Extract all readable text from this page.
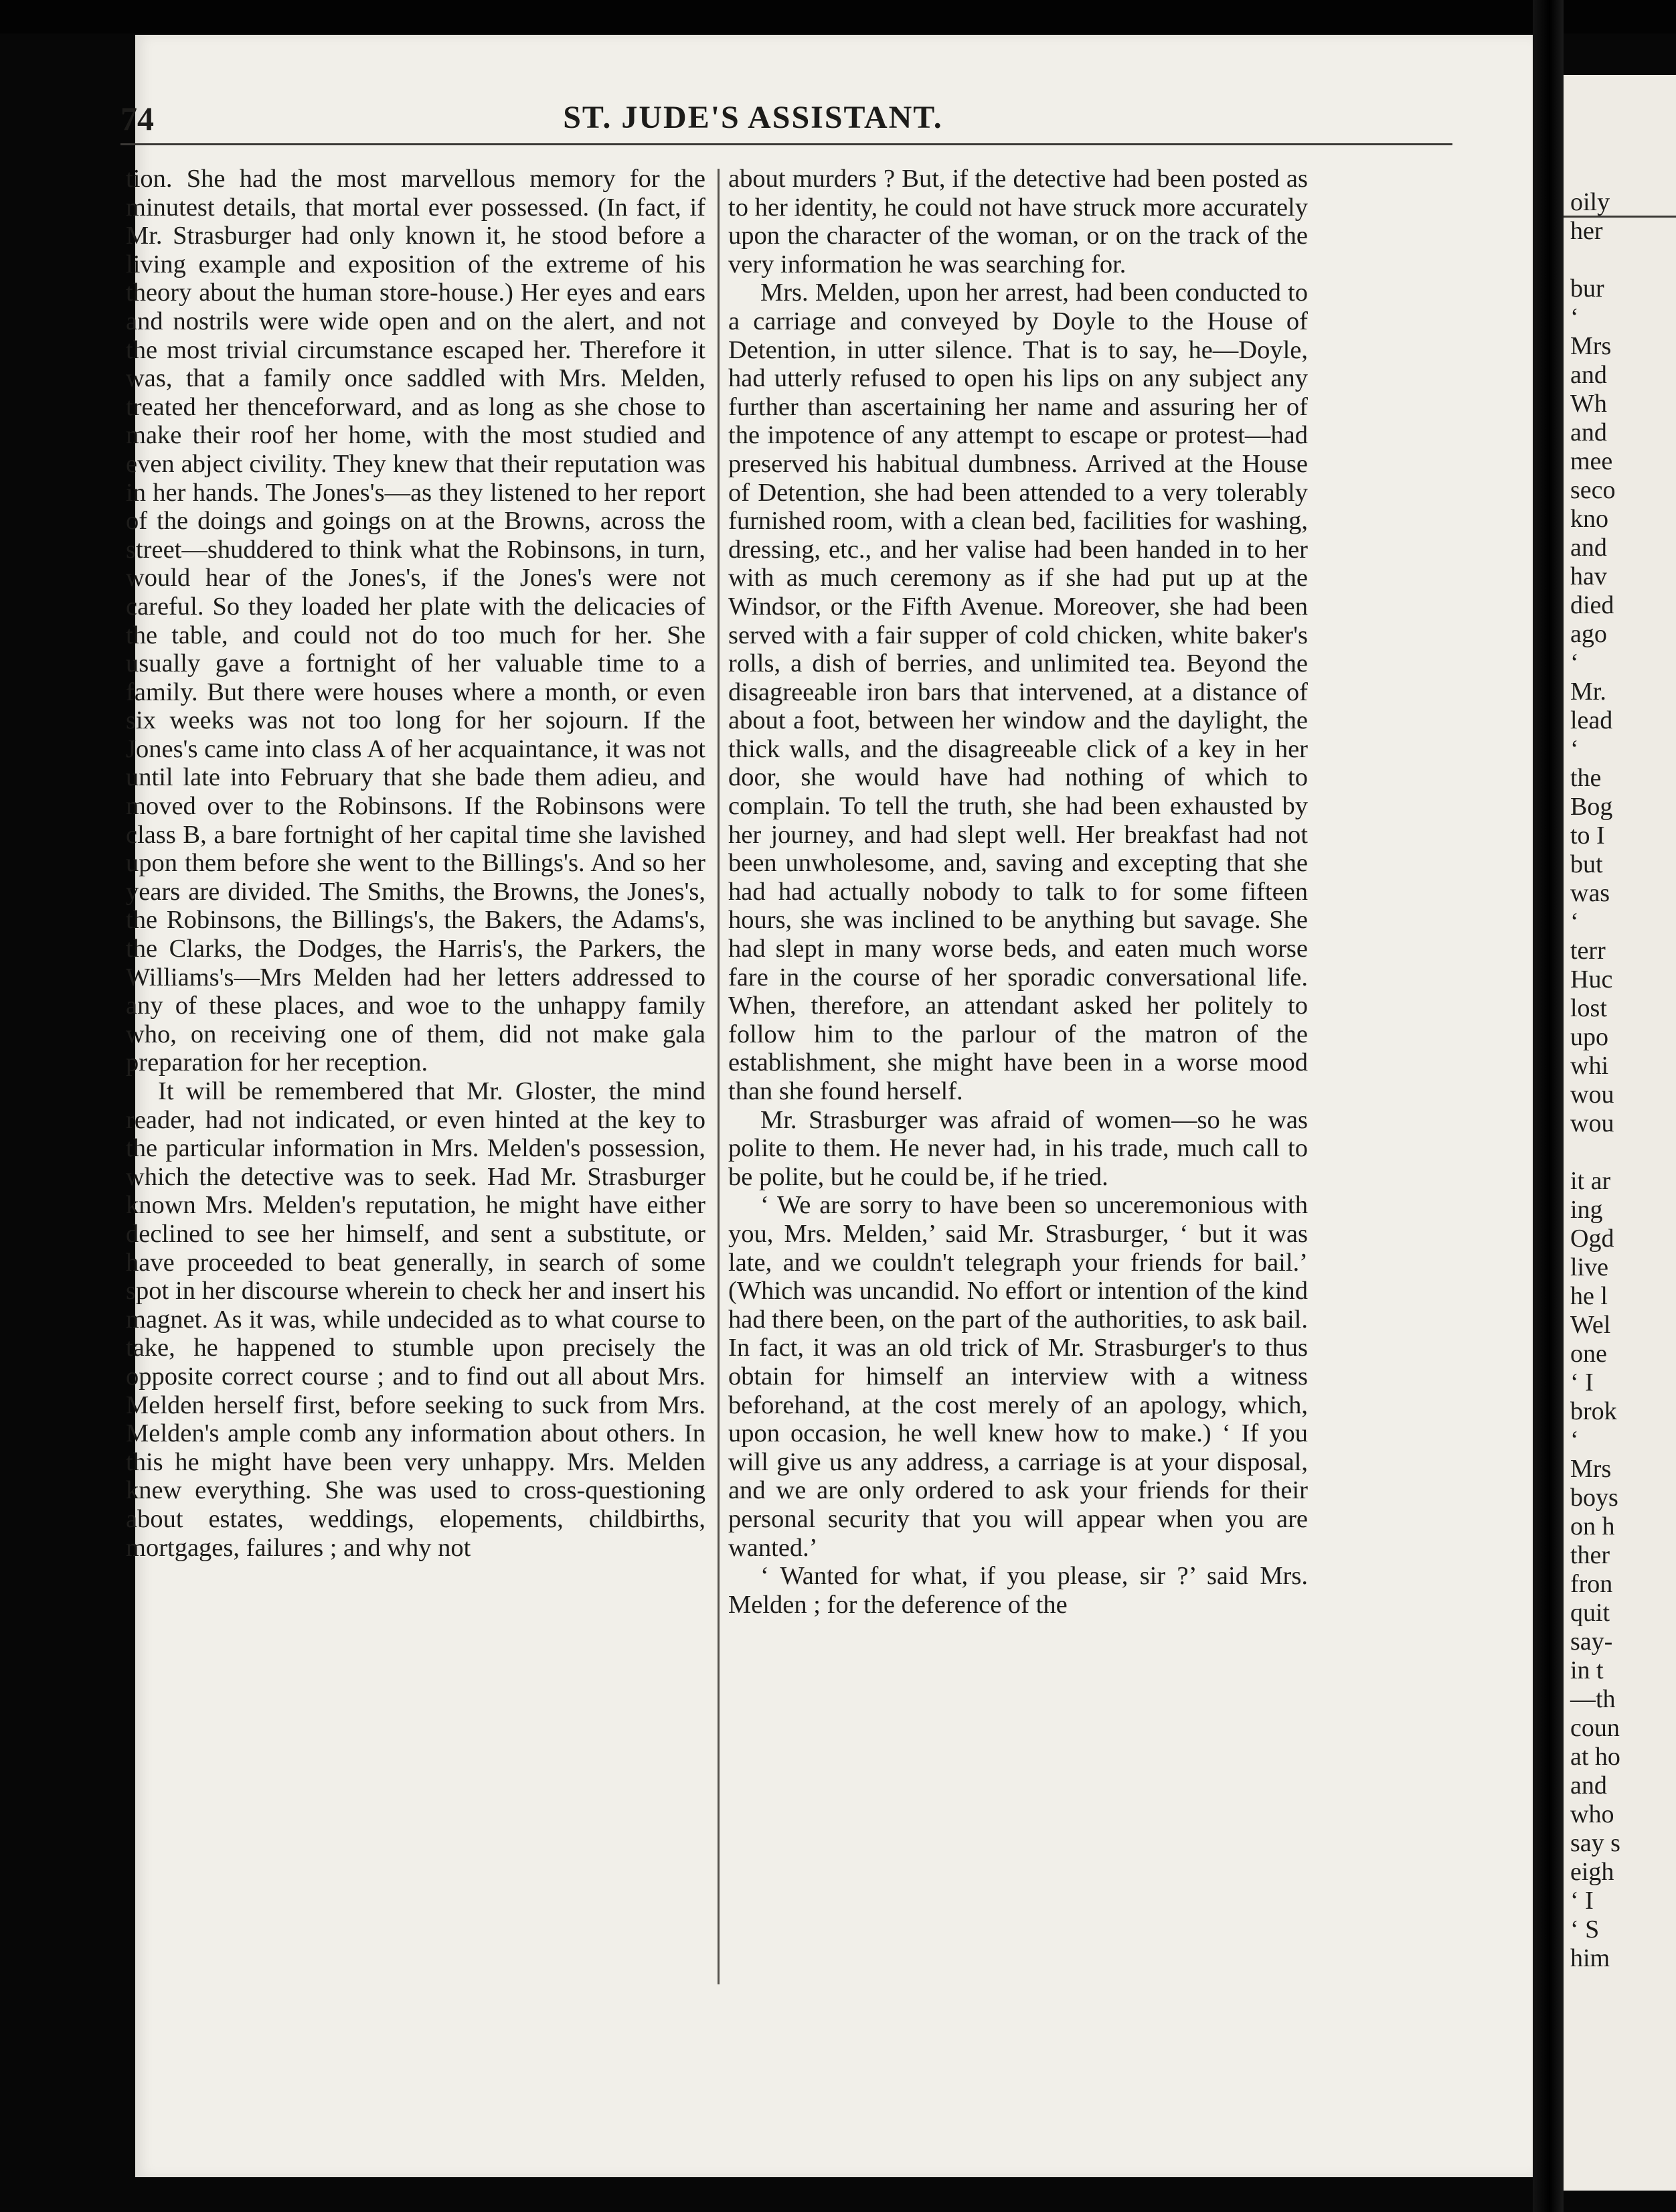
74	ST. JUDE'S ASSISTANT.

tion. She had the most marvellous memory for the minutest details, that mortal ever possessed. (In fact, if Mr. Strasburger had only known it, he stood before a living example and exposition of the extreme of his theory about the human store-house.) Her eyes and ears and nostrils were wide open and on the alert, and not the most trivial circumstance escaped her. Therefore it was, that a family once saddled with Mrs. Melden, treated her thenceforward, and as long as she chose to make their roof her home, with the most studied and even abject civility. They knew that their reputation was in her hands. The Jones's—as they listened to her report of the doings and goings on at the Browns, across the street—shuddered to think what the Robinsons, in turn, would hear of the Jones's, if the Jones's were not careful. So they loaded her plate with the delicacies of the table, and could not do too much for her. She usually gave a fortnight of her valuable time to a family. But there were houses where a month, or even six weeks was not too long for her sojourn. If the Jones's came into class A of her acquaintance, it was not until late into February that she bade them adieu, and moved over to the Robinsons. If the Robinsons were class B, a bare fortnight of her capital time she lavished upon them before she went to the Billings's. And so her years are divided. The Smiths, the Browns, the Jones's, the Robinsons, the Billings's, the Bakers, the Adams's, the Clarks, the Dodges, the Harris's, the Parkers, the Williams's—Mrs Melden had her letters addressed to any of these places, and woe to the unhappy family who, on receiving one of them, did not make gala preparation for her reception.

It will be remembered that Mr. Gloster, the mind reader, had not indicated, or even hinted at the key to the particular information in Mrs. Melden's possession, which the detective was to seek. Had Mr. Strasburger known Mrs. Melden's reputation, he might have either declined to see her himself, and sent a substitute, or have proceeded to beat generally, in search of some spot in her discourse wherein to check her and insert his magnet. As it was, while undecided as to what course to take, he happened to stumble upon precisely the opposite correct course ; and to find out all about Mrs. Melden herself first, before seeking to suck from Mrs. Melden's ample comb any information about others. In this he might have been very unhappy. Mrs. Melden knew everything. She was used to cross-questioning about estates, weddings, elopements, childbirths, mortgages, failures ; and why not

about murders ? But, if the detective had been posted as to her identity, he could not have struck more accurately upon the character of the woman, or on the track of the very information he was searching for.

Mrs. Melden, upon her arrest, had been conducted to a carriage and conveyed by Doyle to the House of Detention, in utter silence. That is to say, he—Doyle, had utterly refused to open his lips on any subject any further than ascertaining her name and assuring her of the impotence of any attempt to escape or protest—had preserved his habitual dumbness. Arrived at the House of Detention, she had been attended to a very tolerably furnished room, with a clean bed, facilities for washing, dressing, etc., and her valise had been handed in to her with as much ceremony as if she had put up at the Windsor, or the Fifth Avenue. Moreover, she had been served with a fair supper of cold chicken, white baker's rolls, a dish of berries, and unlimited tea. Beyond the disagreeable iron bars that intervened, at a distance of about a foot, between her window and the daylight, the thick walls, and the disagreeable click of a key in her door, she would have had nothing of which to complain. To tell the truth, she had been exhausted by her journey, and had slept well. Her breakfast had not been unwholesome, and, saving and excepting that she had had actually nobody to talk to for some fifteen hours, she was inclined to be anything but savage. She had slept in many worse beds, and eaten much worse fare in the course of her sporadic conversational life. When, therefore, an attendant asked her politely to follow him to the parlour of the matron of the establishment, she might have been in a worse mood than she found herself.

Mr. Strasburger was afraid of women—so he was polite to them. He never had, in his trade, much call to be polite, but he could be, if he tried.

‘ We are sorry to have been so unceremonious with you, Mrs. Melden,’ said Mr. Strasburger, ‘ but it was late, and we couldn't telegraph your friends for bail.’ (Which was uncandid. No effort or intention of the kind had there been, on the part of the authorities, to ask bail. In fact, it was an old trick of Mr. Strasburger's to thus obtain for himself an interview with a witness beforehand, at the cost merely of an apology, which, upon occasion, he well knew how to make.) ‘ If you will give us any address, a carriage is at your disposal, and we are only ordered to ask your friends for their personal security that you will appear when you are wanted.’

‘ Wanted for what, if you please, sir ?’ said Mrs. Melden ; for the deference of the

oily
her
bur
‘
Mrs
and
Wh
and
mee
seco
kno
and
hav
died
ago
‘
Mr.
lead
‘
the
Bog
to I
but
was
‘
terr
Huc
lost
upo
whi
wou
wou
it ar
ing
Ogd
live
he l
Wel
one
‘ I
brok
‘
Mrs
boys
on h
ther
fron
quit
say-
in t
—th
coun
at ho
and
who
say s
eigh
‘ I
‘ S
him
